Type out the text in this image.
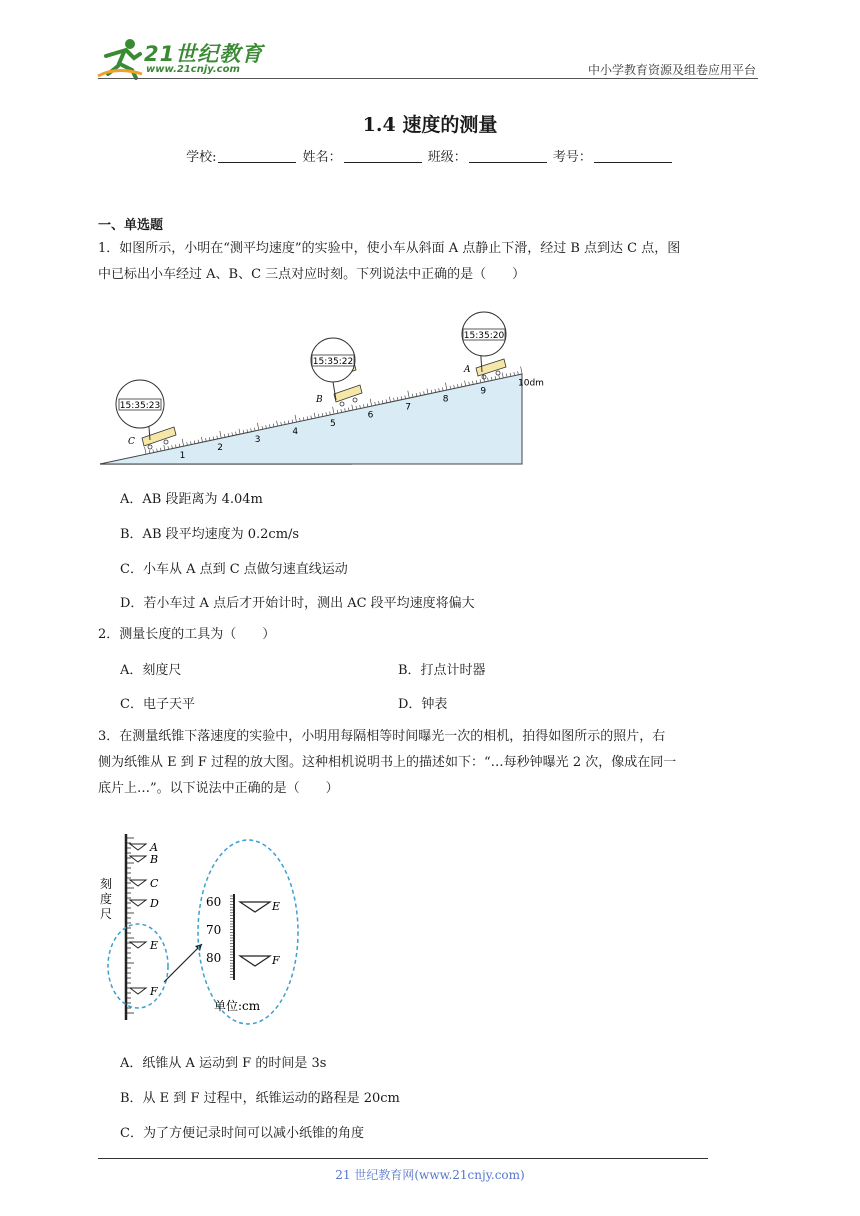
21世纪教育
www.21cnjy.com	中小学教育资源及组卷应用平台
1.4 速度的测量
学校:	姓名：	班级：	考号：
一、单选题
1．如图所示，小明在“测平均速度”的实验中，使小车从斜面 A 点静止下滑，经过 B 点到达 C 点，图
中已标出小车经过 A、B、C 三点对应时刻。下列说法中正确的是（　　）
2
3
4
5
15:35:23
C
15:35:22
B
15:35:20
A
1
2
3
4
5
6
7
8
9
10dm
A．AB 段距离为 4.04m
B．AB 段平均速度为 0.2cm/s
C．小车从 A 点到 C 点做匀速直线运动
D．若小车过 A 点后才开始计时，测出 AC 段平均速度将偏大
2．测量长度的工具为（　　）
A．刻度尺	B．打点计时器
C．电子天平	D．钟表
3．在测量纸锥下落速度的实验中，小明用每隔相等时间曝光一次的相机，拍得如图所示的照片，右
侧为纸锥从 E 到 F 过程的放大图。这种相机说明书上的描述如下：“…每秒钟曝光 2 次，像成在同一
底片上…”。以下说法中正确的是（　　）
刻
度
尺
A
B
C
D
E
F
60
70
80
E
F
单位:cm
A．纸锥从 A 运动到 F 的时间是 3s
B．从 E 到 F 过程中，纸锥运动的路程是 20cm
C．为了方便记录时间可以减小纸锥的角度
21 世纪教育网(www.21cnjy.com)
